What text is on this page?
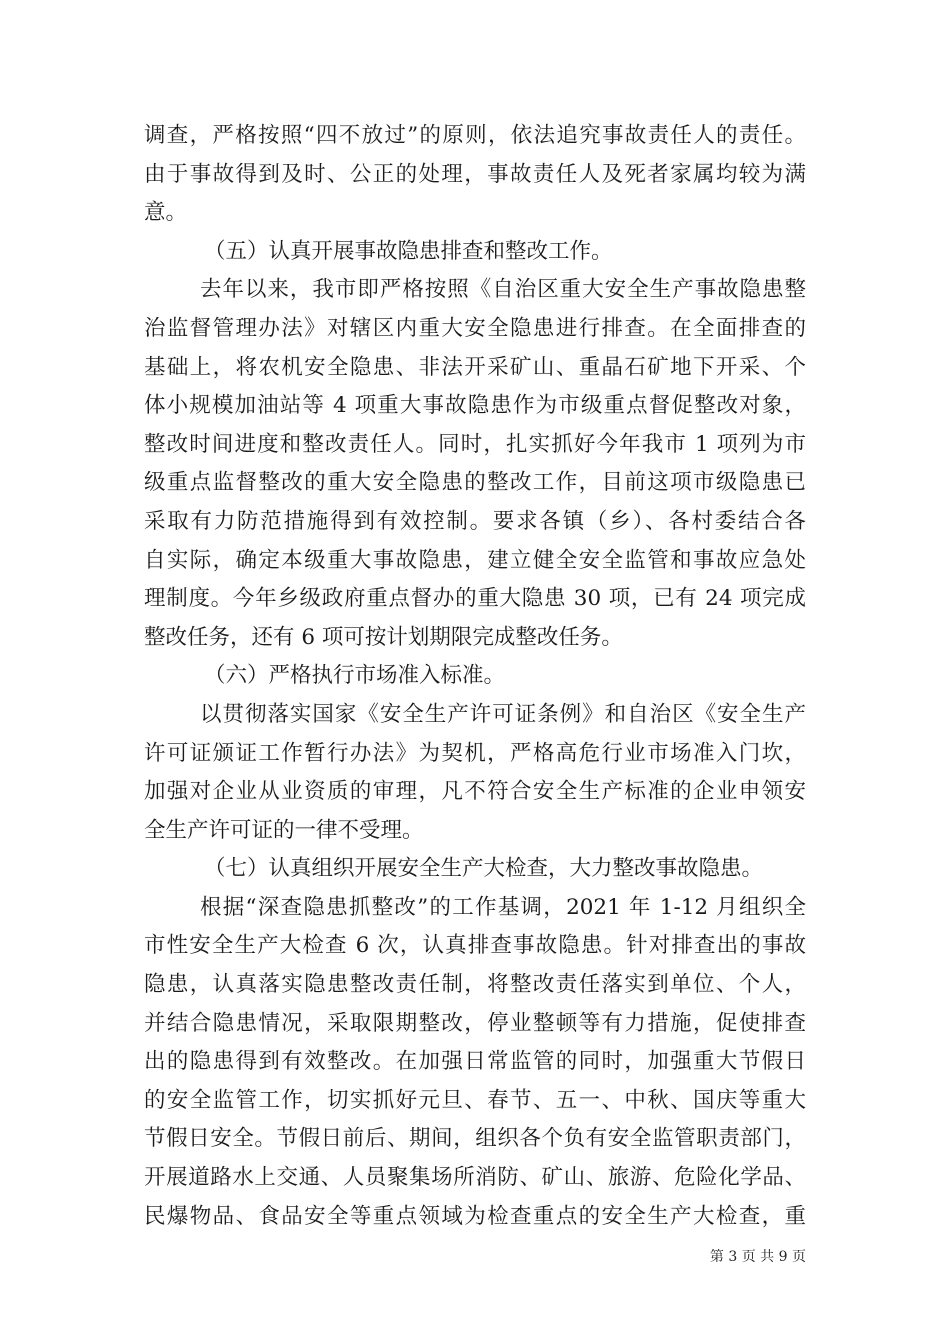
调查，严格按照“四不放过”的原则，依法追究事故责任人的责任。
由于事故得到及时、公正的处理，事故责任人及死者家属均较为满
意。
（五）认真开展事故隐患排查和整改工作。
去年以来，我市即严格按照《自治区重大安全生产事故隐患整
治监督管理办法》对辖区内重大安全隐患进行排查。在全面排查的
基础上，将农机安全隐患、非法开采矿山、重晶石矿地下开采、个
体小规模加油站等 4 项重大事故隐患作为市级重点督促整改对象，
整改时间进度和整改责任人。同时，扎实抓好今年我市 1 项列为市
级重点监督整改的重大安全隐患的整改工作，目前这项市级隐患已
采取有力防范措施得到有效控制。要求各镇（乡）、各村委结合各
自实际，确定本级重大事故隐患，建立健全安全监管和事故应急处
理制度。今年乡级政府重点督办的重大隐患 30 项，已有 24 项完成
整改任务，还有 6 项可按计划期限完成整改任务。
（六）严格执行市场准入标准。
以贯彻落实国家《安全生产许可证条例》和自治区《安全生产
许可证颁证工作暂行办法》为契机，严格高危行业市场准入门坎，
加强对企业从业资质的审理，凡不符合安全生产标准的企业申领安
全生产许可证的一律不受理。
（七）认真组织开展安全生产大检查，大力整改事故隐患。
根据“深查隐患抓整改”的工作基调，2021 年 1-12 月组织全
市性安全生产大检查 6 次，认真排查事故隐患。针对排查出的事故
隐患，认真落实隐患整改责任制，将整改责任落实到单位、个人，
并结合隐患情况，采取限期整改，停业整顿等有力措施，促使排查
出的隐患得到有效整改。在加强日常监管的同时，加强重大节假日
的安全监管工作，切实抓好元旦、春节、五一、中秋、国庆等重大
节假日安全。节假日前后、期间，组织各个负有安全监管职责部门，
开展道路水上交通、人员聚集场所消防、矿山、旅游、危险化学品、
民爆物品、食品安全等重点领域为检查重点的安全生产大检查，重
第 3 页 共 9 页
